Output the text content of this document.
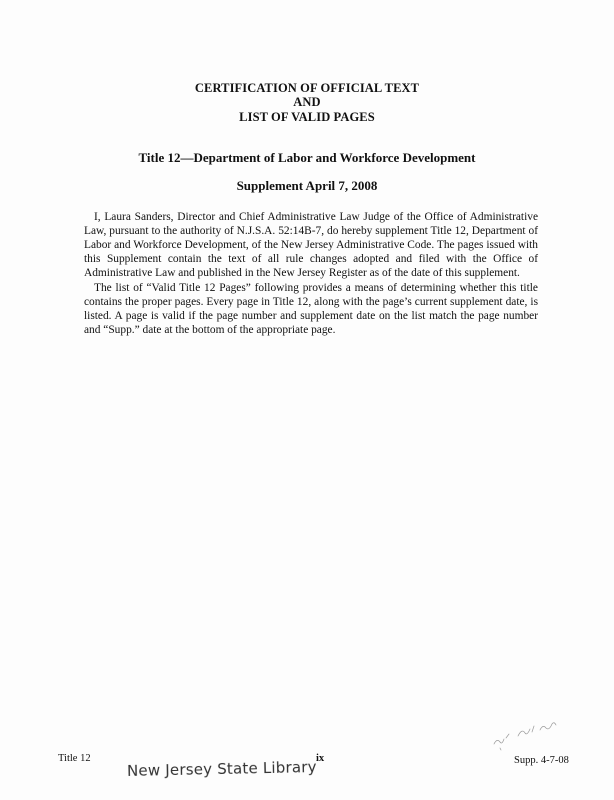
CERTIFICATION OF OFFICIAL TEXT
AND
LIST OF VALID PAGES
Title 12—Department of Labor and Workforce Development
Supplement April 7, 2008

I, Laura Sanders, Director and Chief Administrative Law Judge of the Office of Administrative Law, pursuant to the authority of N.J.S.A. 52:14B-7, do hereby supplement Title 12, Department of Labor and Workforce Development, of the New Jersey Administrative Code. The pages issued with this Supplement contain the text of all rule changes adopted and filed with the Office of Administrative Law and published in the New Jersey Register as of the date of this supplement.

The list of “Valid Title 12 Pages” following provides a means of determining whether this title contains the proper pages. Every page in Title 12, along with the page’s current supplement date, is listed. A page is valid if the page number and supplement date on the list match the page number and “Supp.” date at the bottom of the appropriate page.

Title 12	ix	Supp. 4-7-08
New Jersey State Library
